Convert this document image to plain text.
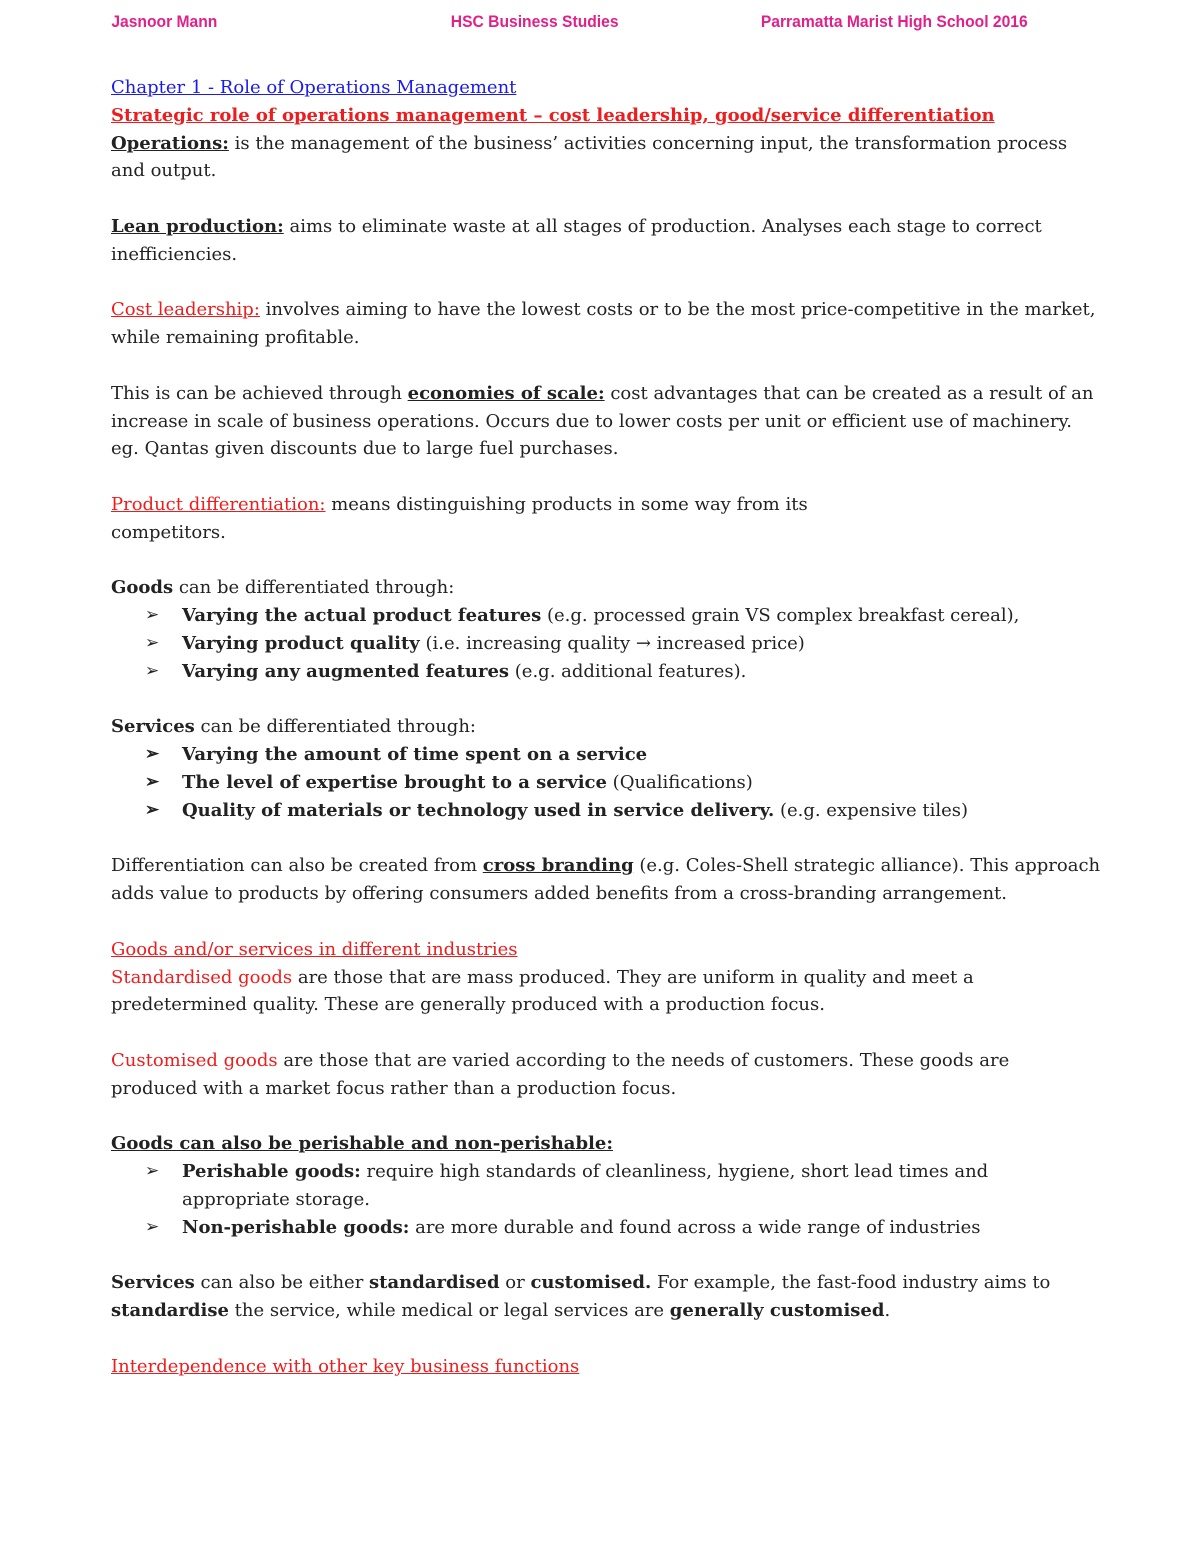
Jasnoor Mann	HSC Business Studies	Parramatta Marist High School 2016

Chapter 1 - Role of Operations Management

Strategic role of operations management – cost leadership, good/service differentiation

Operations: is the management of the business’ activities concerning input, the transformation process and output.

Lean production: aims to eliminate waste at all stages of production. Analyses each stage to correct inefficiencies.

Cost leadership: involves aiming to have the lowest costs or to be the most price-competitive in the market, while remaining profitable.

This is can be achieved through economies of scale: cost advantages that can be created as a result of an increase in scale of business operations. Occurs due to lower costs per unit or efficient use of machinery. eg. Qantas given discounts due to large fuel purchases.

Product differentiation: means distinguishing products in some way from its
competitors.

Goods can be differentiated through:

➢ Varying the actual product features (e.g. processed grain VS complex breakfast cereal),
➢ Varying product quality (i.e. increasing quality → increased price)
➢ Varying any augmented features (e.g. additional features).

Services can be differentiated through:

➢ Varying the amount of time spent on a service
➢ The level of expertise brought to a service (Qualifications)
➢ Quality of materials or technology used in service delivery. (e.g. expensive tiles)

Differentiation can also be created from cross branding (e.g. Coles-Shell strategic alliance). This approach adds value to products by offering consumers added benefits from a cross-branding arrangement.

Goods and/or services in different industries

Standardised goods are those that are mass produced. They are uniform in quality and meet a predetermined quality. These are generally produced with a production focus.

Customised goods are those that are varied according to the needs of customers. These goods are produced with a market focus rather than a production focus.

Goods can also be perishable and non-perishable:

➢ Perishable goods: require high standards of cleanliness, hygiene, short lead times and appropriate storage.
➢ Non-perishable goods: are more durable and found across a wide range of industries

Services can also be either standardised or customised. For example, the fast-food industry aims to standardise the service, while medical or legal services are generally customised.

Interdependence with other key business functions
